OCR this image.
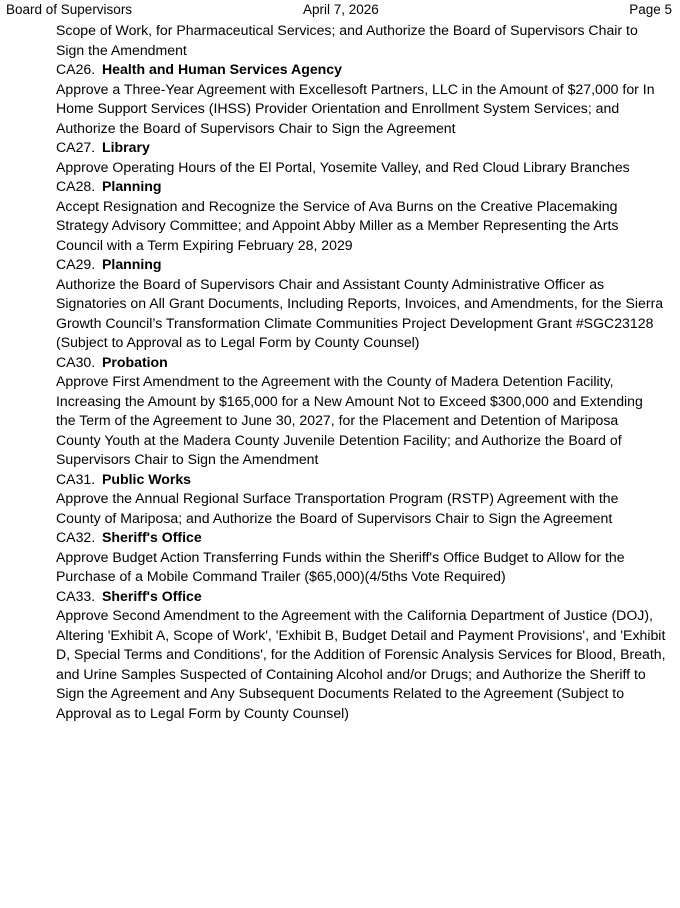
Board of Supervisors	April 7, 2026	Page 5

Scope of Work, for Pharmaceutical Services; and Authorize the Board of Supervisors Chair to Sign the Amendment

CA26. Health and Human Services Agency

Approve a Three-Year Agreement with Excellesoft Partners, LLC in the Amount of $27,000 for In Home Support Services (IHSS) Provider Orientation and Enrollment System Services; and Authorize the Board of Supervisors Chair to Sign the Agreement

CA27. Library

Approve Operating Hours of the El Portal, Yosemite Valley, and Red Cloud Library Branches

CA28. Planning

Accept Resignation and Recognize the Service of Ava Burns on the Creative Placemaking Strategy Advisory Committee; and Appoint Abby Miller as a Member Representing the Arts Council with a Term Expiring February 28, 2029

CA29. Planning

Authorize the Board of Supervisors Chair and Assistant County Administrative Officer as Signatories on All Grant Documents, Including Reports, Invoices, and Amendments, for the Sierra Growth Council’s Transformation Climate Communities Project Development Grant #SGC23128 (Subject to Approval as to Legal Form by County Counsel)

CA30. Probation

Approve First Amendment to the Agreement with the County of Madera Detention Facility, Increasing the Amount by $165,000 for a New Amount Not to Exceed $300,000 and Extending the Term of the Agreement to June 30, 2027, for the Placement and Detention of Mariposa County Youth at the Madera County Juvenile Detention Facility; and Authorize the Board of Supervisors Chair to Sign the Amendment

CA31. Public Works

Approve the Annual Regional Surface Transportation Program (RSTP) Agreement with the County of Mariposa; and Authorize the Board of Supervisors Chair to Sign the Agreement

CA32. Sheriff's Office

Approve Budget Action Transferring Funds within the Sheriff's Office Budget to Allow for the Purchase of a Mobile Command Trailer ($65,000)(4/5ths Vote Required)

CA33. Sheriff's Office

Approve Second Amendment to the Agreement with the California Department of Justice (DOJ), Altering 'Exhibit A, Scope of Work', 'Exhibit B, Budget Detail and Payment Provisions', and 'Exhibit D, Special Terms and Conditions', for the Addition of Forensic Analysis Services for Blood, Breath, and Urine Samples Suspected of Containing Alcohol and/or Drugs; and Authorize the Sheriff to Sign the Agreement and Any Subsequent Documents Related to the Agreement (Subject to Approval as to Legal Form by County Counsel)
